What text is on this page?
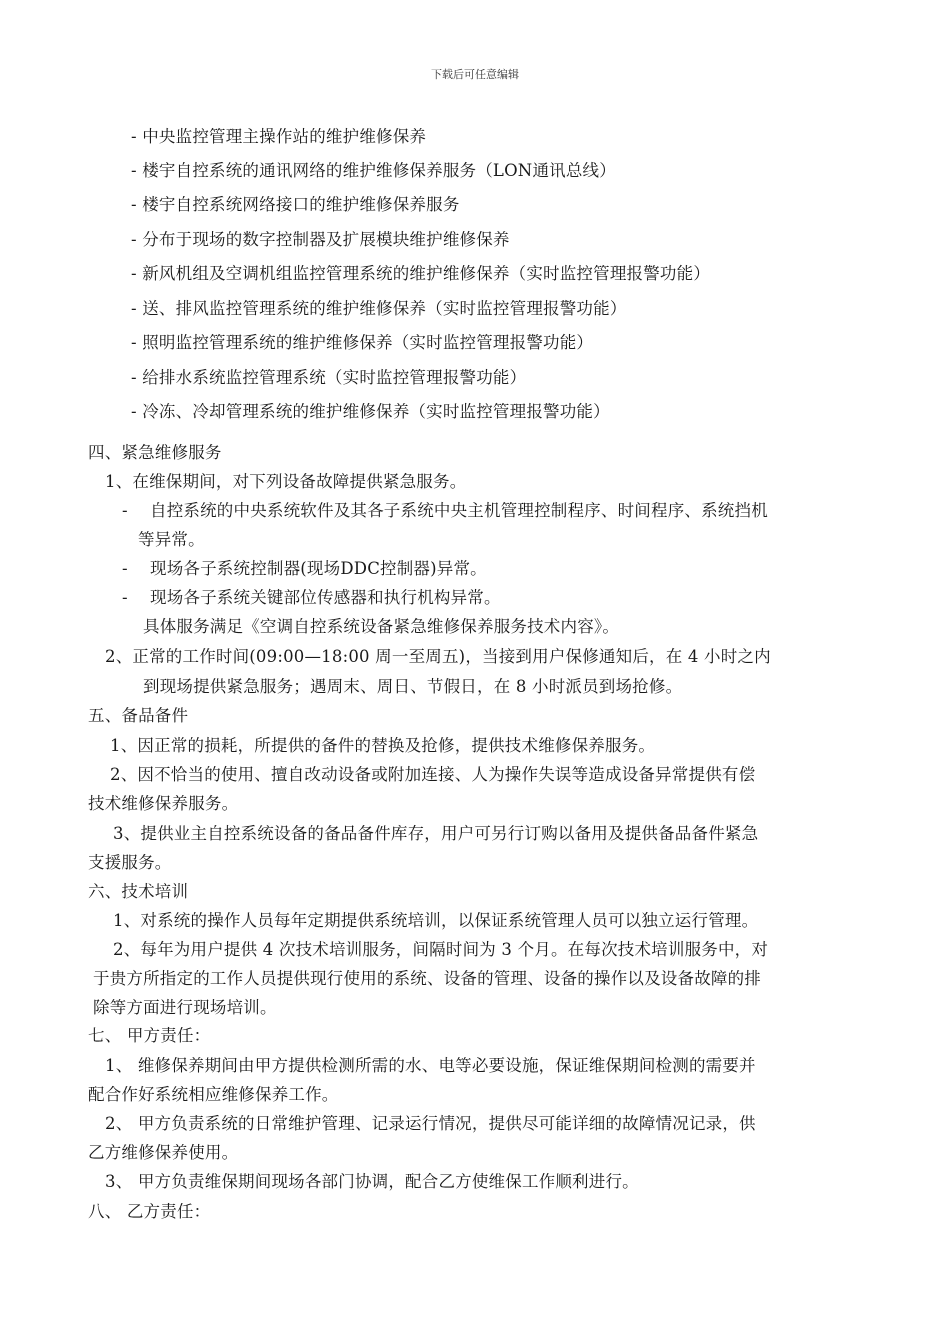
下载后可任意编辑
- 中央监控管理主操作站的维护维修保养
- 楼宇自控系统的通讯网络的维护维修保养服务（LON通讯总线）
- 楼宇自控系统网络接口的维护维修保养服务
- 分布于现场的数字控制器及扩展模块维护维修保养
- 新风机组及空调机组监控管理系统的维护维修保养（实时监控管理报警功能）
- 送、排风监控管理系统的维护维修保养（实时监控管理报警功能）
- 照明监控管理系统的维护维修保养（实时监控管理报警功能）
- 给排水系统监控管理系统（实时监控管理报警功能）
- 冷冻、冷却管理系统的维护维修保养（实时监控管理报警功能）
四、紧急维修服务
1、在维保期间，对下列设备故障提供紧急服务。
- 自控系统的中央系统软件及其各子系统中央主机管理控制程序、时间程序、系统挡机
等异常。
- 现场各子系统控制器(现场DDC控制器)异常。
- 现场各子系统关键部位传感器和执行机构异常。
具体服务满足《空调自控系统设备紧急维修保养服务技术内容》。
2、正常的工作时间(09:00—18:00 周一至周五)，当接到用户保修通知后，在 4 小时之内
到现场提供紧急服务；遇周末、周日、节假日，在 8 小时派员到场抢修。
五、备品备件
1、因正常的损耗，所提供的备件的替换及抢修，提供技术维修保养服务。
2、因不恰当的使用、擅自改动设备或附加连接、人为操作失误等造成设备异常提供有偿
技术维修保养服务。
3、提供业主自控系统设备的备品备件库存，用户可另行订购以备用及提供备品备件紧急
支援服务。
六、技术培训
1、对系统的操作人员每年定期提供系统培训，以保证系统管理人员可以独立运行管理。
2、每年为用户提供 4 次技术培训服务，间隔时间为 3 个月。在每次技术培训服务中，对
于贵方所指定的工作人员提供现行使用的系统、设备的管理、设备的操作以及设备故障的排
除等方面进行现场培训。
七、 甲方责任：
1、 维修保养期间由甲方提供检测所需的水、电等必要设施，保证维保期间检测的需要并
配合作好系统相应维修保养工作。
2、 甲方负责系统的日常维护管理、记录运行情况，提供尽可能详细的故障情况记录，供
乙方维修保养使用。
3、 甲方负责维保期间现场各部门协调，配合乙方使维保工作顺利进行。
八、 乙方责任：
